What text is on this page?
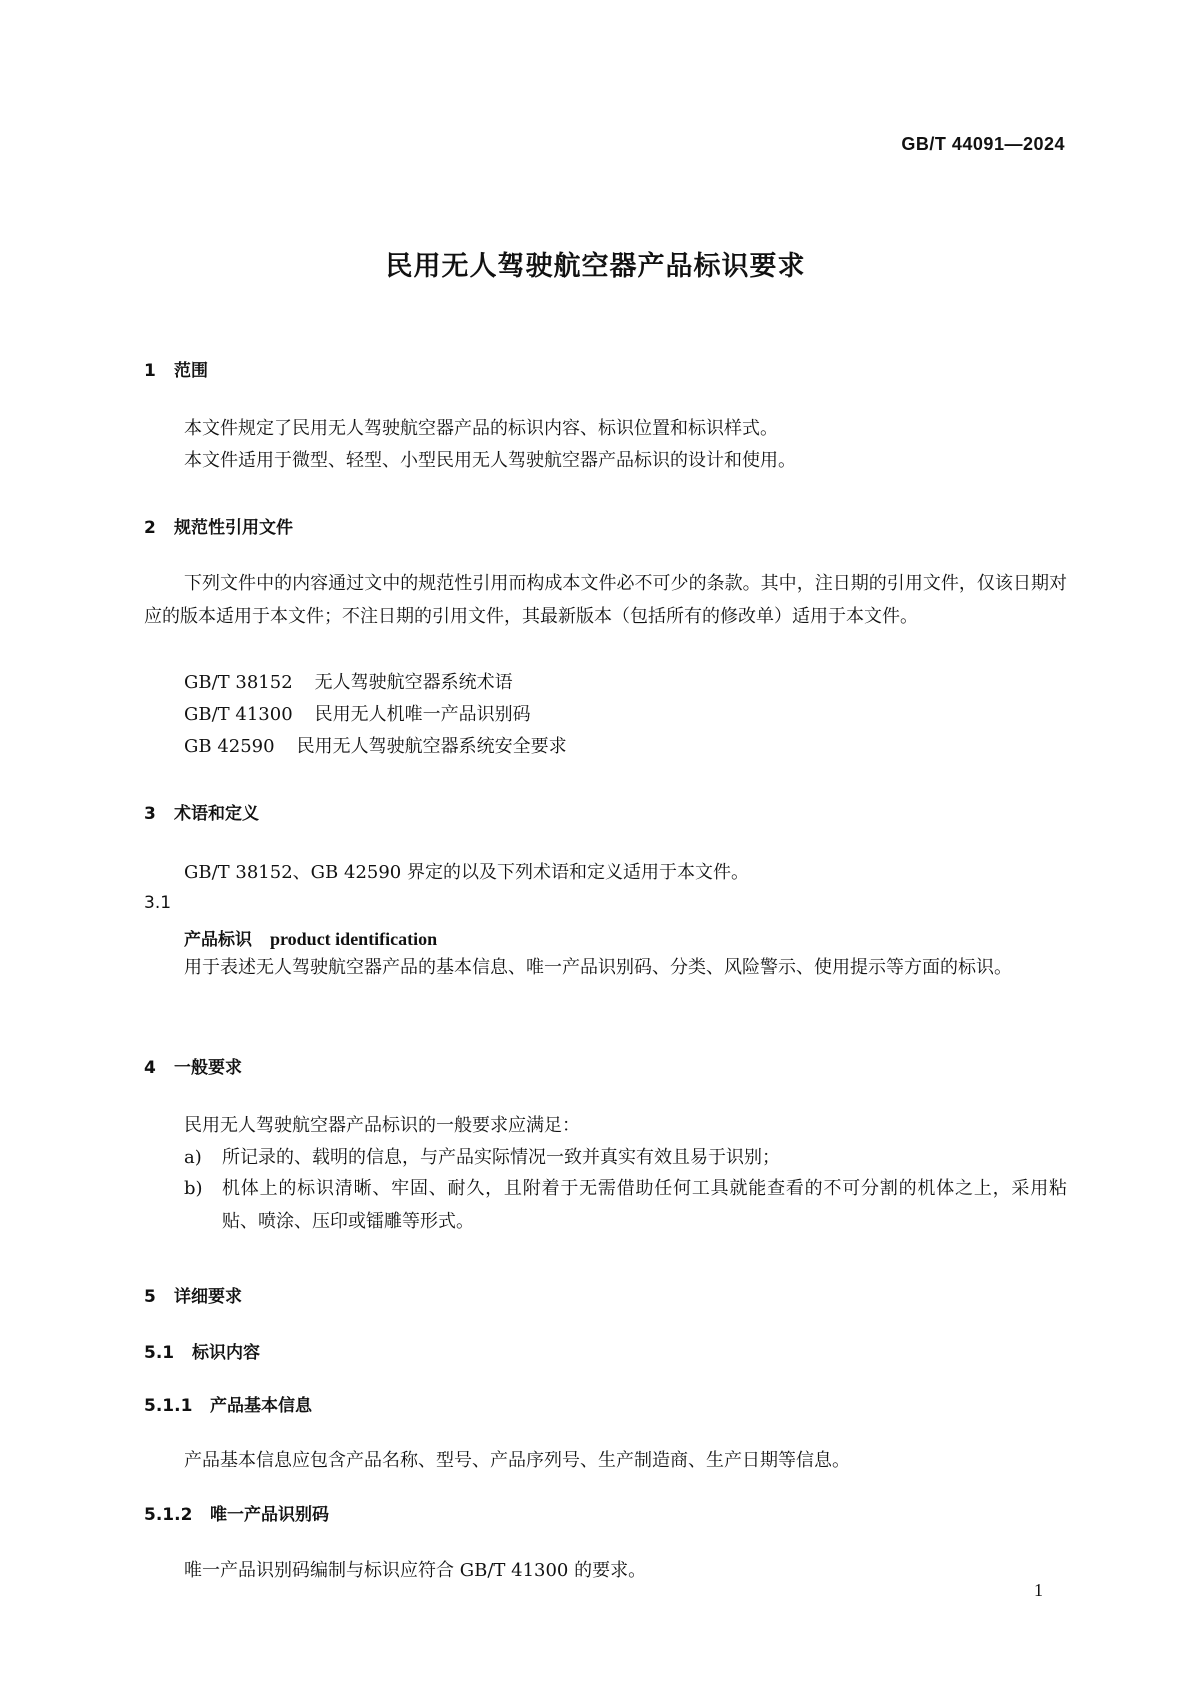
GB/T 44091—2024
民用无人驾驶航空器产品标识要求
1 范围
本文件规定了民用无人驾驶航空器产品的标识内容、标识位置和标识样式。
本文件适用于微型、轻型、小型民用无人驾驶航空器产品标识的设计和使用。
2 规范性引用文件
下列文件中的内容通过文中的规范性引用而构成本文件必不可少的条款。其中，注日期的引用文件，仅该日期对应的版本适用于本文件；不注日期的引用文件，其最新版本（包括所有的修改单）适用于本文件。
GB/T 38152 无人驾驶航空器系统术语
GB/T 41300 民用无人机唯一产品识别码
GB 42590 民用无人驾驶航空器系统安全要求
3 术语和定义
GB/T 38152、GB 42590 界定的以及下列术语和定义适用于本文件。
3.1
产品标识 product identification
用于表述无人驾驶航空器产品的基本信息、唯一产品识别码、分类、风险警示、使用提示等方面的标识。
4 一般要求
民用无人驾驶航空器产品标识的一般要求应满足：
a) 所记录的、载明的信息，与产品实际情况一致并真实有效且易于识别；
b)	机体上的标识清晰、牢固、耐久，且附着于无需借助任何工具就能查看的不可分割的机体之上，采用粘贴、喷涂、压印或镭雕等形式。
5 详细要求
5.1 标识内容
5.1.1 产品基本信息
产品基本信息应包含产品名称、型号、产品序列号、生产制造商、生产日期等信息。
5.1.2 唯一产品识别码
唯一产品识别码编制与标识应符合 GB/T 41300 的要求。
1
